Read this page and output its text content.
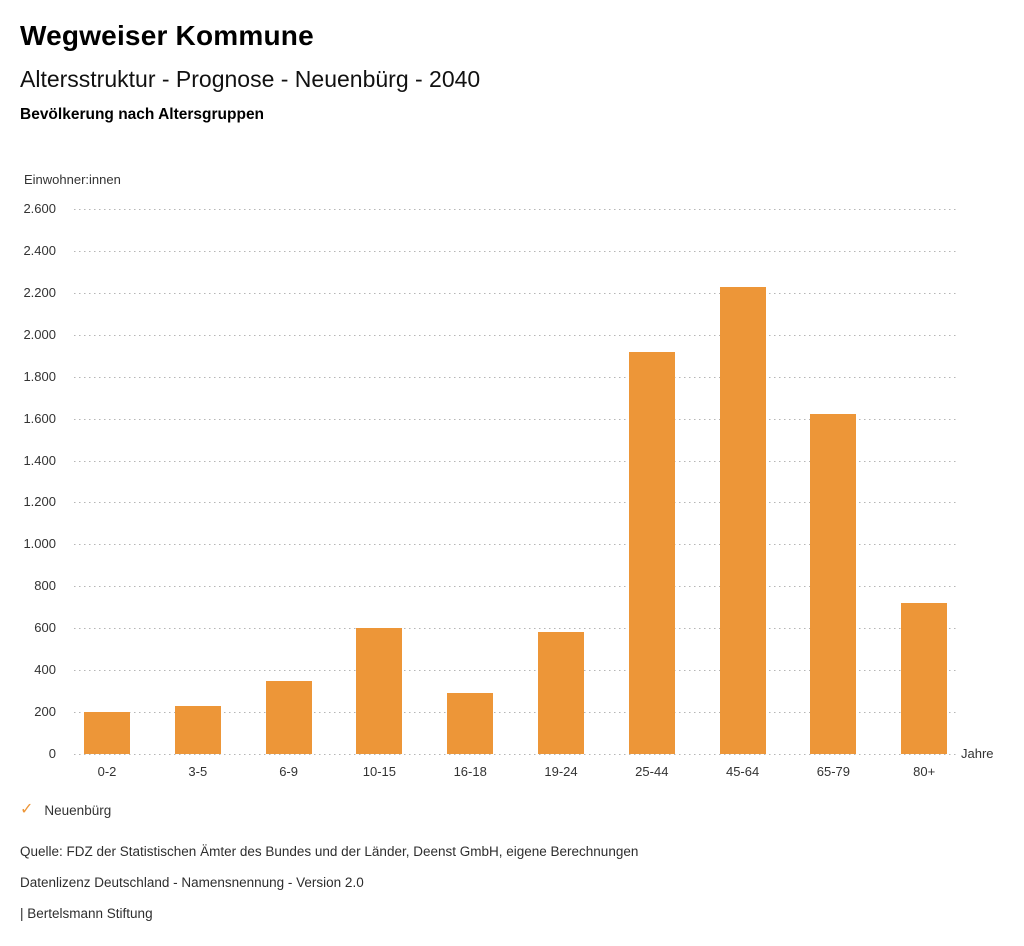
Wegweiser Kommune
Altersstruktur - Prognose - Neuenbürg - 2040
Bevölkerung nach Altersgruppen
Einwohner:innen
0
200
400
600
800
1.000
1.200
1.400
1.600
1.800
2.000
2.200
2.400
2.600
0-2	3-5	6-9	10-15	16-18	19-24	25-44	45-64	65-79	80+
Jahre
✓ Neuenbürg
Quelle: FDZ der Statistischen Ämter des Bundes und der Länder, Deenst GmbH, eigene Berechnungen
Datenlizenz Deutschland - Namensnennung - Version 2.0
| Bertelsmann Stiftung
